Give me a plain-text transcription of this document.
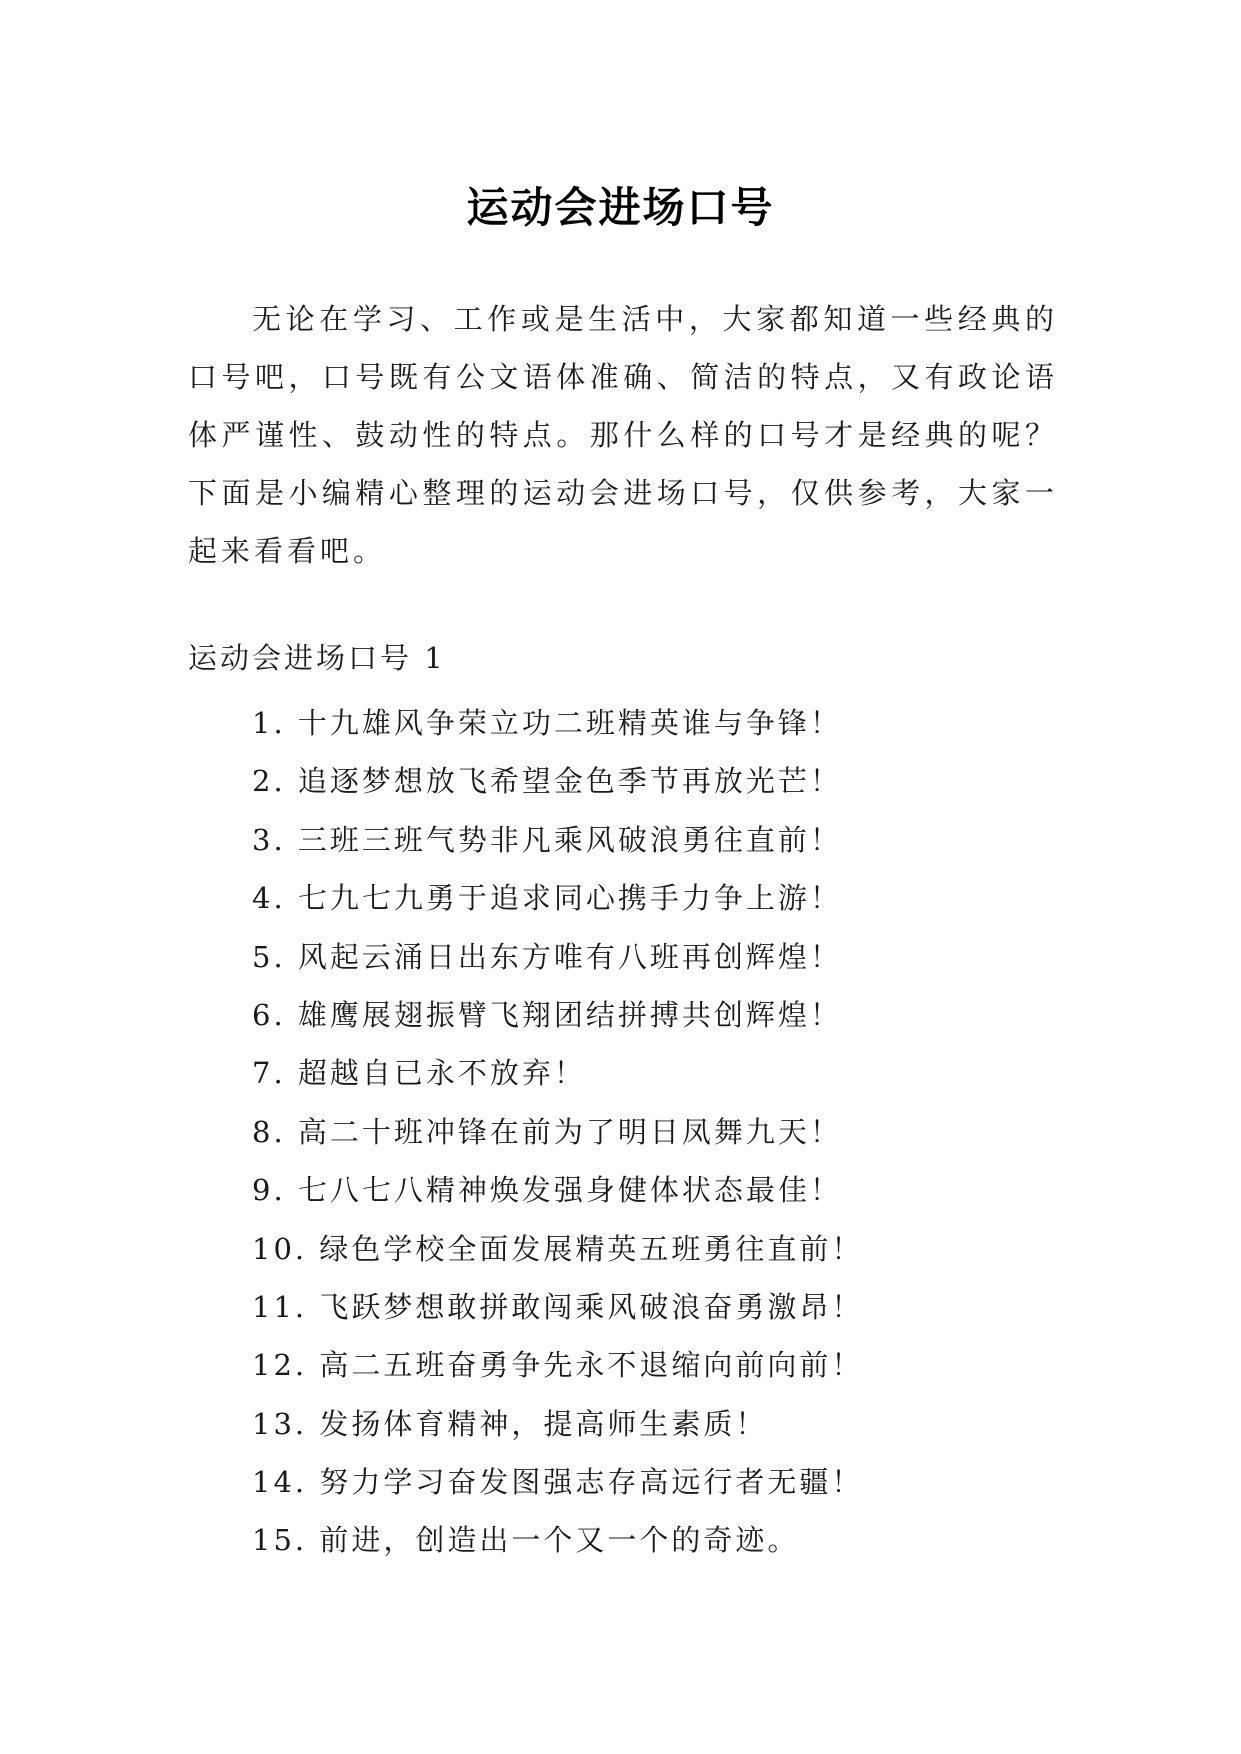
运动会进场口号

无论在学习、工作或是生活中，大家都知道一些经典的口号吧，口号既有公文语体准确、简洁的特点，又有政论语体严谨性、鼓动性的特点。那什么样的口号才是经典的呢？下面是小编精心整理的运动会进场口号，仅供参考，大家一起来看看吧。

运动会进场口号 1
1. 十九雄风争荣立功二班精英谁与争锋！
2. 追逐梦想放飞希望金色季节再放光芒！
3. 三班三班气势非凡乘风破浪勇往直前！
4. 七九七九勇于追求同心携手力争上游！
5. 风起云涌日出东方唯有八班再创辉煌！
6. 雄鹰展翅振臂飞翔团结拼搏共创辉煌！
7. 超越自已永不放弃！
8. 高二十班冲锋在前为了明日凤舞九天！
9. 七八七八精神焕发强身健体状态最佳！
10. 绿色学校全面发展精英五班勇往直前！
11. 飞跃梦想敢拼敢闯乘风破浪奋勇激昂！
12. 高二五班奋勇争先永不退缩向前向前！
13. 发扬体育精神，提高师生素质！
14. 努力学习奋发图强志存高远行者无疆！
15. 前进，创造出一个又一个的奇迹。
